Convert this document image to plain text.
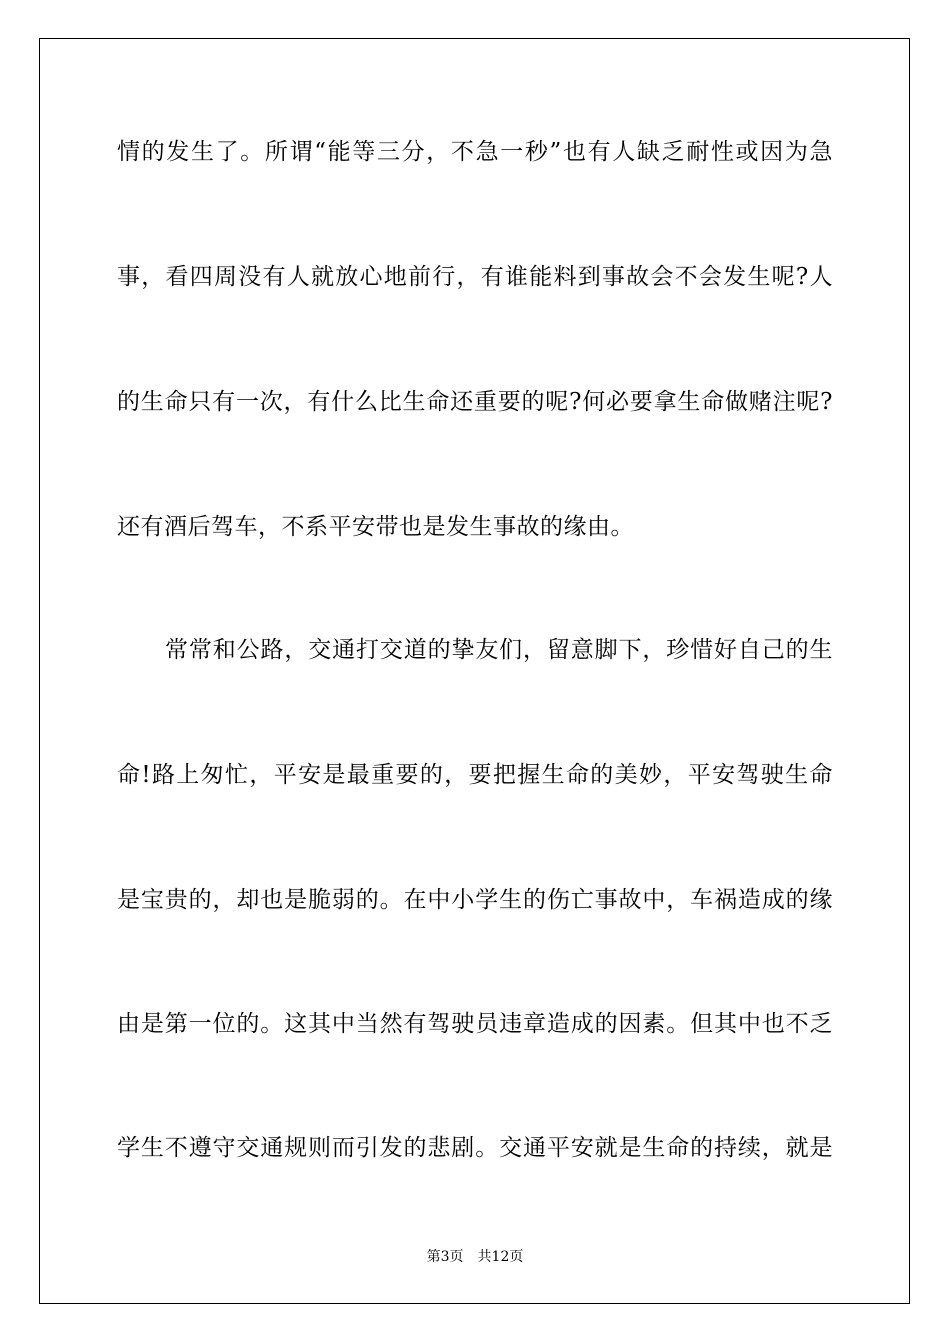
情的发生了。所谓“能等三分，不急一秒”也有人缺乏耐性或因为急
事，看四周没有人就放心地前行，有谁能料到事故会不会发生呢?人
的生命只有一次，有什么比生命还重要的呢?何必要拿生命做赌注呢?
还有酒后驾车，不系平安带也是发生事故的缘由。
常常和公路，交通打交道的挚友们，留意脚下，珍惜好自己的生
命!路上匆忙，平安是最重要的，要把握生命的美妙，平安驾驶生命
是宝贵的，却也是脆弱的。在中小学生的伤亡事故中，车祸造成的缘
由是第一位的。这其中当然有驾驶员违章造成的因素。但其中也不乏
学生不遵守交通规则而引发的悲剧。交通平安就是生命的持续，就是
第3页　共12页
